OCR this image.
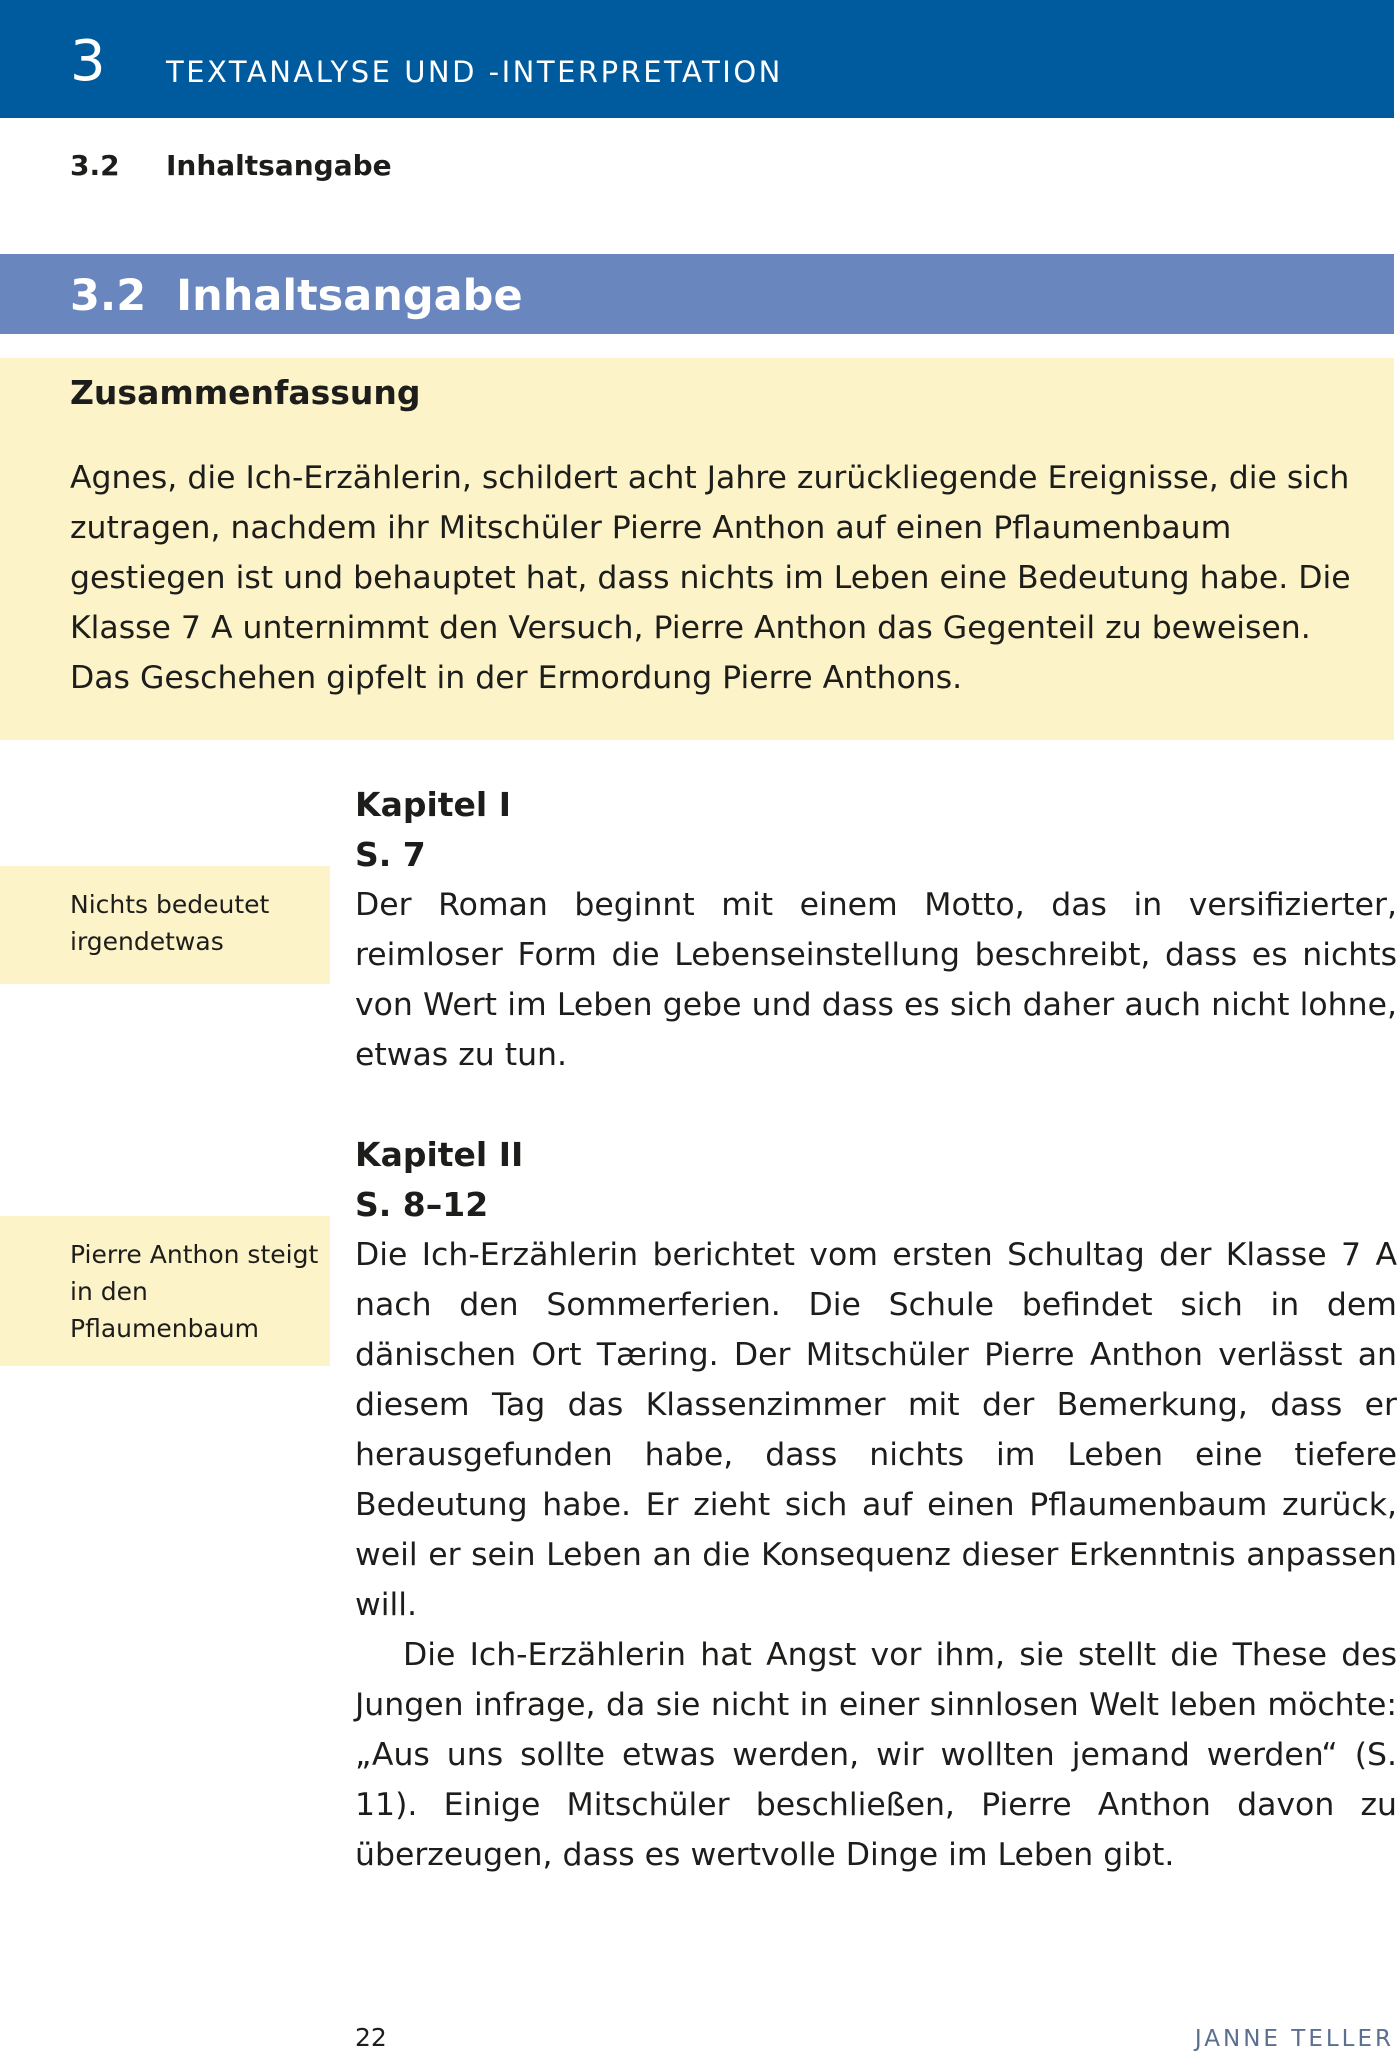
3 TEXTANALYSE UND -INTERPRETATION
3.2 Inhaltsangabe
3.2  Inhaltsangabe
Zusammenfassung

Agnes, die Ich-Erzählerin, schildert acht Jahre zurückliegende Ereignisse, die sich zutragen, nachdem ihr Mitschüler Pierre Anthon auf einen Pflaumenbaum gestiegen ist und behauptet hat, dass nichts im Leben eine Bedeutung habe. Die Klasse 7 A unternimmt den Versuch, Pierre Anthon das Gegenteil zu beweisen. Das Geschehen gipfelt in der Ermordung Pierre Anthons.

Nichts bedeutet irgendetwas
Kapitel I
S. 7

Der Roman beginnt mit einem Motto, das in versifizierter, reimloser Form die Lebenseinstellung beschreibt, dass es nichts von Wert im Leben gebe und dass es sich daher auch nicht lohne, etwas zu tun.

Pierre Anthon steigt in den Pflaumenbaum
Kapitel II
S. 8–12

Die Ich-Erzählerin berichtet vom ersten Schultag der Klasse 7 A nach den Sommerferien. Die Schule befindet sich in dem dänischen Ort Tæring. Der Mitschüler Pierre Anthon verlässt an diesem Tag das Klassenzimmer mit der Bemerkung, dass er herausgefunden habe, dass nichts im Leben eine tiefere Bedeutung habe. Er zieht sich auf einen Pflaumenbaum zurück, weil er sein Leben an die Konsequenz dieser Erkenntnis anpassen will.

Die Ich-Erzählerin hat Angst vor ihm, sie stellt die These des Jungen infrage, da sie nicht in einer sinnlosen Welt leben möchte: „Aus uns sollte etwas werden, wir wollten jemand werden“ (S. 11). Einige Mitschüler beschließen, Pierre Anthon davon zu überzeugen, dass es wertvolle Dinge im Leben gibt.

22	JANNE TELLER
